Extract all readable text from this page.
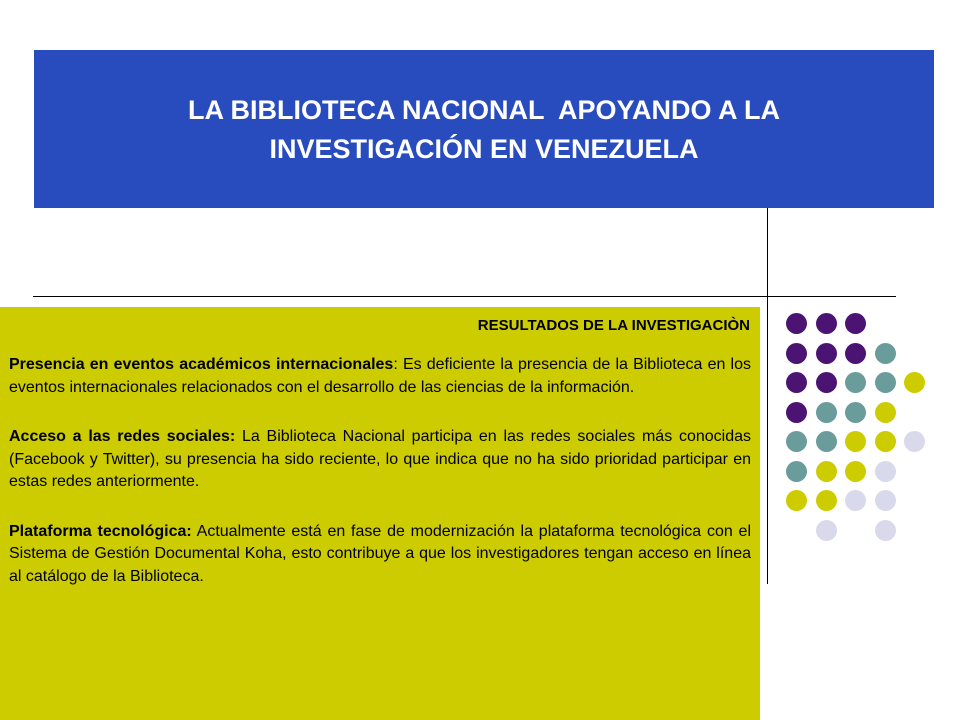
LA BIBLIOTECA NACIONAL  APOYANDO A LA
INVESTIGACIÓN EN VENEZUELA
RESULTADOS DE LA INVESTIGACIÒN

Presencia en eventos académicos internacionales: Es deficiente la presencia de la Biblioteca en los eventos internacionales relacionados con el desarrollo de las ciencias de la información.

Acceso a las redes sociales: La Biblioteca Nacional participa en las redes sociales más conocidas (Facebook y Twitter), su presencia ha sido reciente, lo que indica que no ha sido prioridad participar en estas redes anteriormente.

Plataforma tecnológica: Actualmente está en fase de modernización la plataforma tecnológica con el Sistema de Gestión Documental Koha, esto contribuye a que los investigadores tengan acceso en línea al catálogo de la Biblioteca.
